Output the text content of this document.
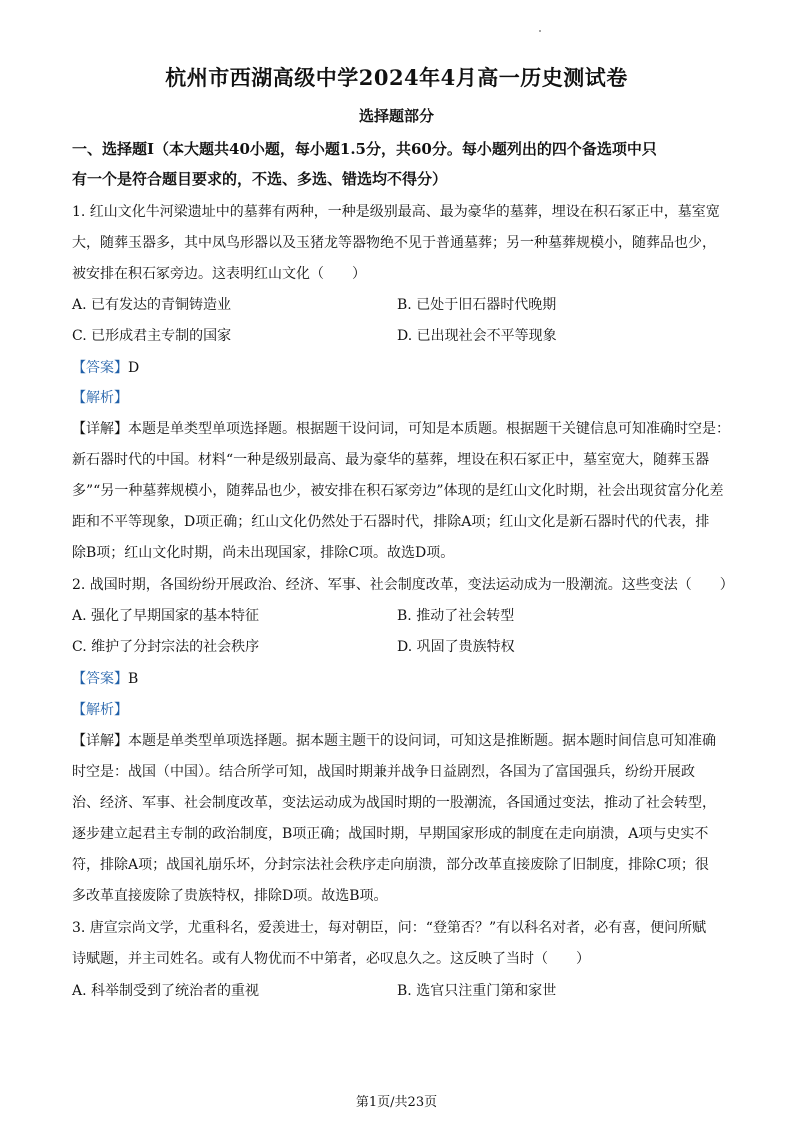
杭州市西湖高级中学2024年4月高一历史测试卷
选择题部分
一、选择题Ⅰ（本大题共40小题，每小题1.5分，共60分。每小题列出的四个备选项中只
有一个是符合题目要求的，不选、多选、错选均不得分）
1. 红山文化牛河梁遗址中的墓葬有两种，一种是级别最高、最为豪华的墓葬，埋设在积石冢正中，墓室宽
大，随葬玉器多，其中凤鸟形器以及玉猪龙等器物绝不见于普通墓葬；另一种墓葬规模小，随葬品也少，
被安排在积石冢旁边。这表明红山文化（　　）
A. 已有发达的青铜铸造业	B. 已处于旧石器时代晚期
C. 已形成君主专制的国家	D. 已出现社会不平等现象
【答案】D
【解析】
【详解】本题是单类型单项选择题。根据题干设问词，可知是本质题。根据题干关键信息可知准确时空是：
新石器时代的中国。材料“一种是级别最高、最为豪华的墓葬，埋设在积石冢正中，墓室宽大，随葬玉器
多”“另一种墓葬规模小，随葬品也少，被安排在积石冢旁边”体现的是红山文化时期，社会出现贫富分化差
距和不平等现象，D项正确；红山文化仍然处于石器时代，排除A项；红山文化是新石器时代的代表，排
除B项；红山文化时期，尚未出现国家，排除C项。故选D项。
2. 战国时期，各国纷纷开展政治、经济、军事、社会制度改革，变法运动成为一股潮流。这些变法（　　）
A. 强化了早期国家的基本特征	B. 推动了社会转型
C. 维护了分封宗法的社会秩序	D. 巩固了贵族特权
【答案】B
【解析】
【详解】本题是单类型单项选择题。据本题主题干的设问词，可知这是推断题。据本题时间信息可知准确
时空是：战国（中国）。结合所学可知，战国时期兼并战争日益剧烈，各国为了富国强兵，纷纷开展政
治、经济、军事、社会制度改革，变法运动成为战国时期的一股潮流，各国通过变法，推动了社会转型，
逐步建立起君主专制的政治制度，B项正确；战国时期，早期国家形成的制度在走向崩溃，A项与史实不
符，排除A项；战国礼崩乐坏，分封宗法社会秩序走向崩溃，部分改革直接废除了旧制度，排除C项；很
多改革直接废除了贵族特权，排除D项。故选B项。
3. 唐宣宗尚文学，尤重科名，爱羡进士，每对朝臣，问：“登第否？”有以科名对者，必有喜，便问所赋
诗赋题，并主司姓名。或有人物优而不中第者，必叹息久之。这反映了当时（　　）
A. 科举制受到了统治者的重视	B. 选官只注重门第和家世
第1页/共23页
